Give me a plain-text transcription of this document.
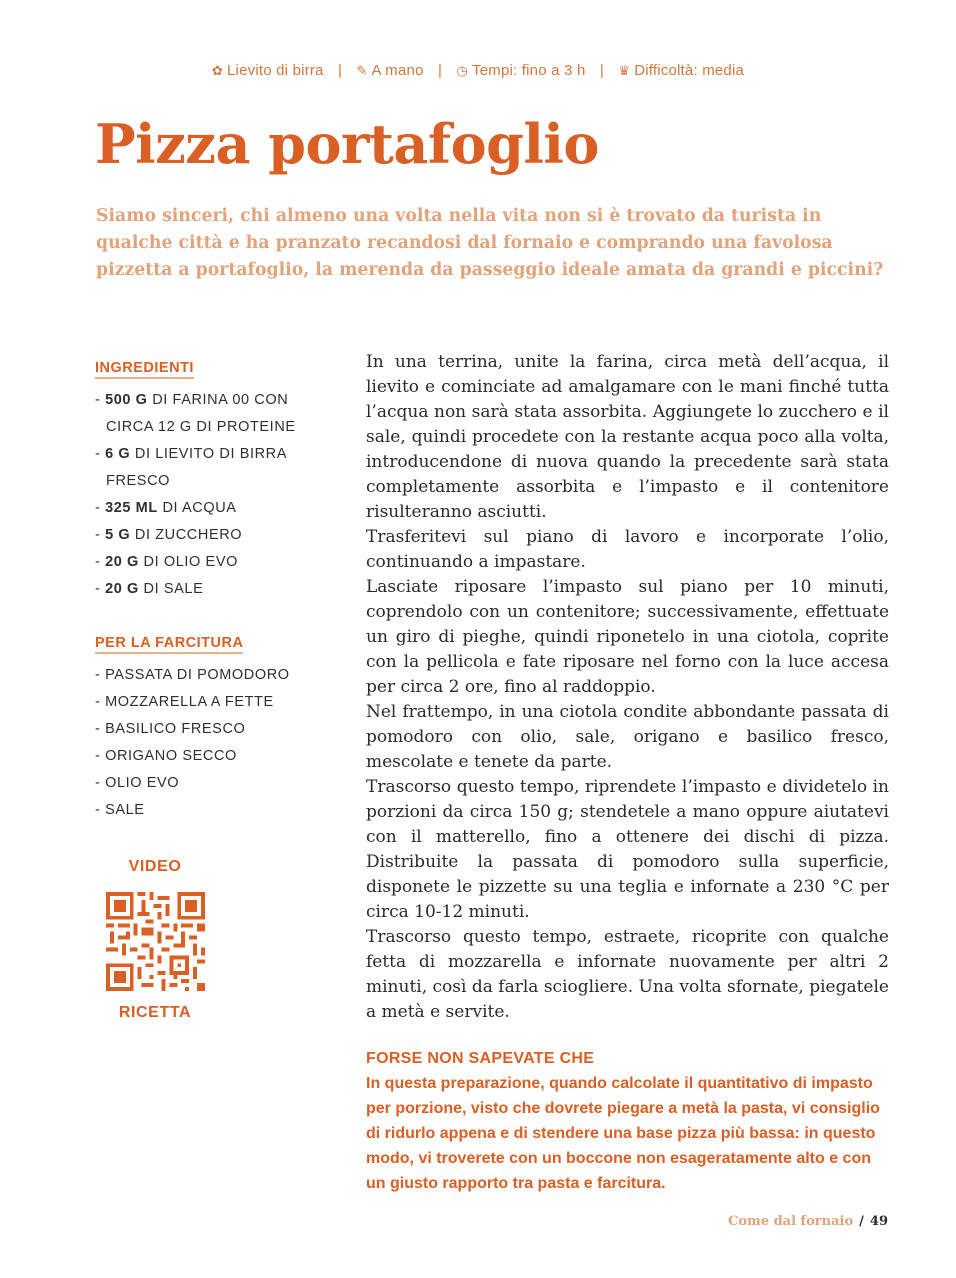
✿ Lievito di birra | ✎ A mano | ◷ Tempi: fino a 3 h | ♛ Difficoltà: media
Pizza portafoglio
Siamo sinceri, chi almeno una volta nella vita non si è trovato da turista in qualche città e ha pranzato recandosi dal fornaio e comprando una favolosa pizzetta a portafoglio, la merenda da passeggio ideale amata da grandi e piccini?
INGREDIENTI
- 500 G DI FARINA 00 CON CIRCA 12 G DI PROTEINE
- 6 G DI LIEVITO DI BIRRA FRESCO
- 325 ML DI ACQUA
- 5 G DI ZUCCHERO
- 20 G DI OLIO EVO
- 20 G DI SALE
PER LA FARCITURA
- PASSATA DI POMODORO
- MOZZARELLA A FETTE
- BASILICO FRESCO
- ORIGANO SECCO
- OLIO EVO
- SALE
VIDEO
RICETTA

In una terrina, unite la farina, circa metà dell’acqua, il lievito e cominciate ad amalgamare con le mani finché tutta l’acqua non sarà stata assorbita. Aggiungete lo zucchero e il sale, quindi procedete con la restante acqua poco alla volta, introducendone di nuova quando la precedente sarà stata completamente assorbita e l’impasto e il contenitore risulteranno asciutti.

Trasferitevi sul piano di lavoro e incorporate l’olio, continuando a impastare.

Lasciate riposare l’impasto sul piano per 10 minuti, coprendolo con un contenitore; successivamente, effettuate un giro di pieghe, quindi riponetelo in una ciotola, coprite con la pellicola e fate riposare nel forno con la luce accesa per circa 2 ore, fino al raddoppio.

Nel frattempo, in una ciotola condite abbondante passata di pomodoro con olio, sale, origano e basilico fresco, mescolate e tenete da parte.

Trascorso questo tempo, riprendete l’impasto e dividetelo in porzioni da circa 150 g; stendetele a mano oppure aiutatevi con il matterello, fino a ottenere dei dischi di pizza. Distribuite la passata di pomodoro sulla superficie, disponete le pizzette su una teglia e infornate a 230 °C per circa 10-12 minuti.

Trascorso questo tempo, estraete, ricoprite con qualche fetta di mozzarella e infornate nuovamente per altri 2 minuti, così da farla sciogliere. Una volta sfornate, piegatele a metà e servite.

FORSE NON SAPEVATE CHE
In questa preparazione, quando calcolate il quantitativo di impasto per porzione, visto che dovrete piegare a metà la pasta, vi consiglio di ridurlo appena e di stendere una base pizza più bassa: in questo modo, vi troverete con un boccone non esageratamente alto e con un giusto rapporto tra pasta e farcitura.
Come dal fornaio / 49
